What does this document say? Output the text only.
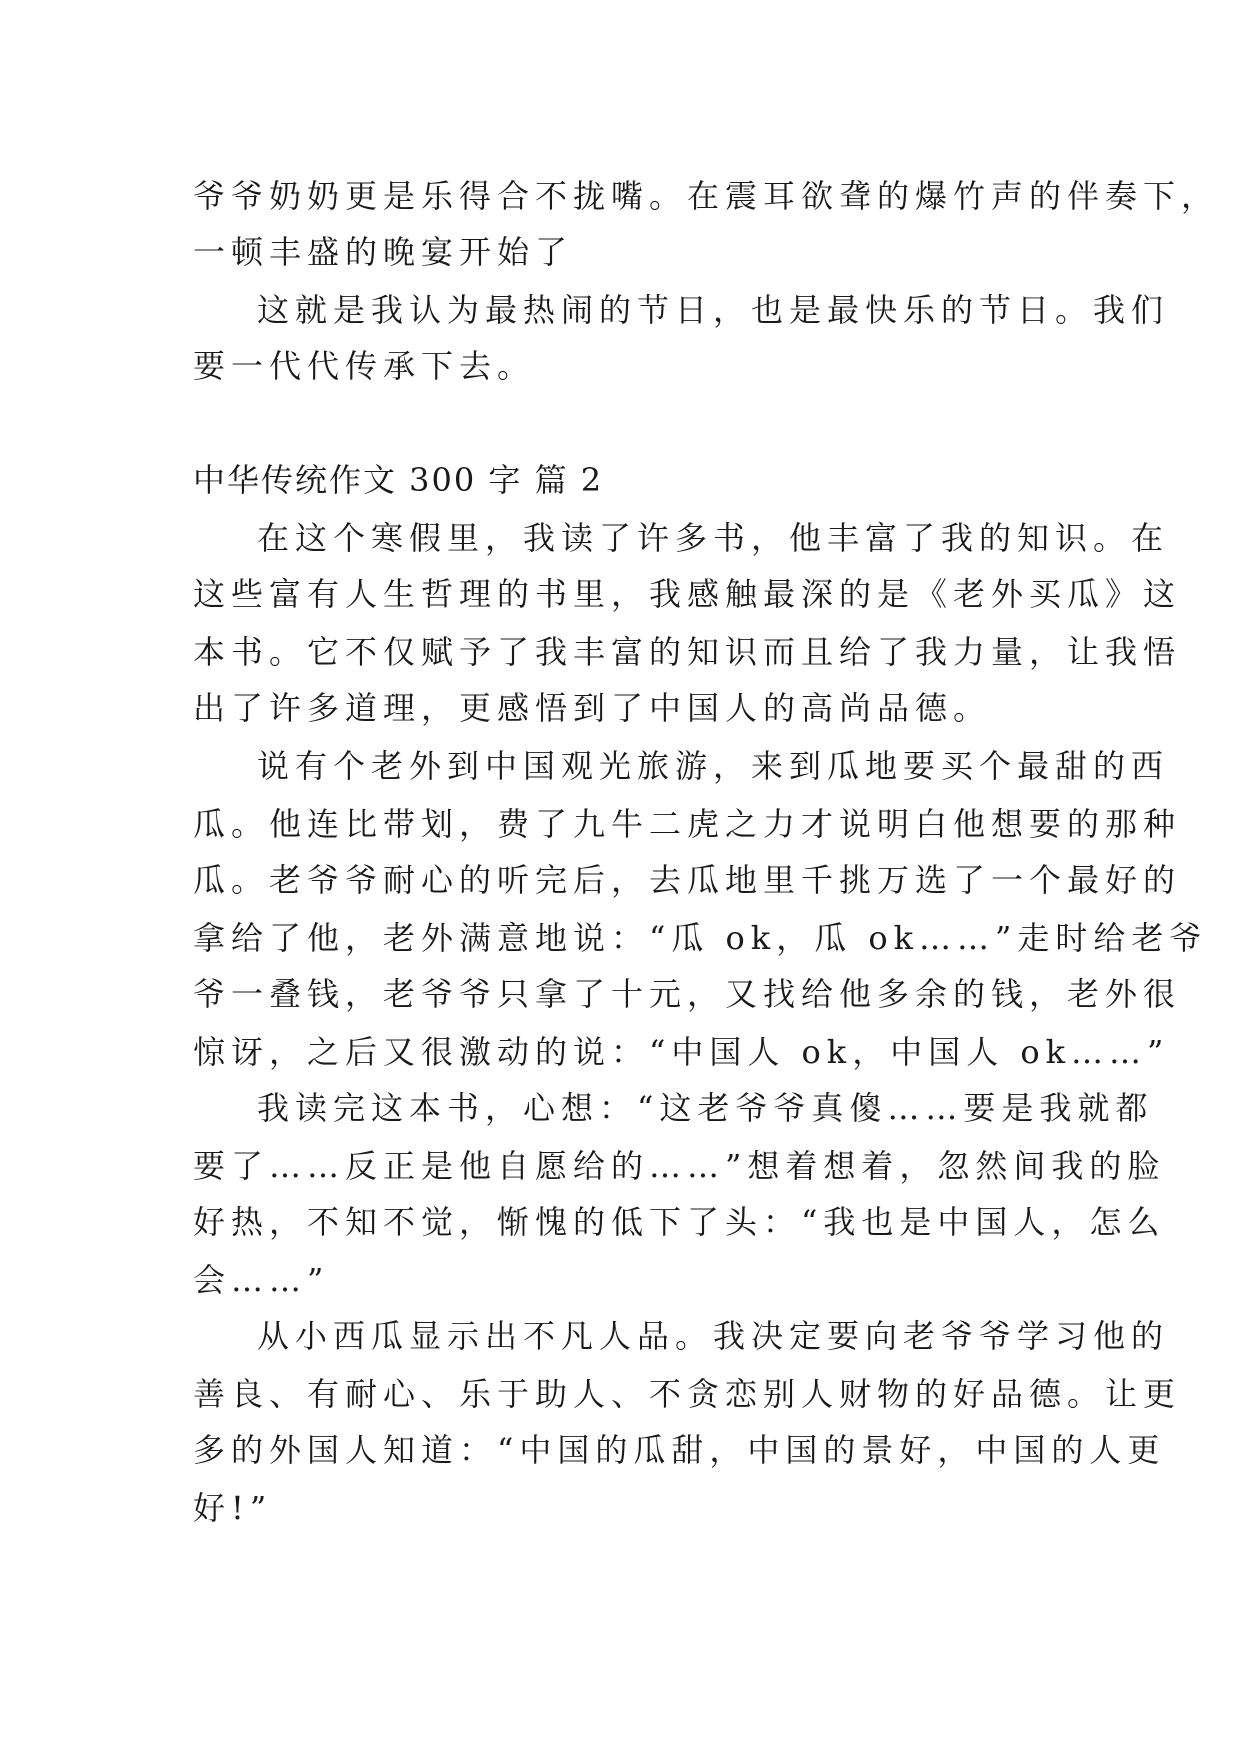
爷爷奶奶更是乐得合不拢嘴。在震耳欲聋的爆竹声的伴奏下，
一顿丰盛的晚宴开始了
这就是我认为最热闹的节日，也是最快乐的节日。我们
要一代代传承下去。
中华传统作文 300 字 篇 2
在这个寒假里，我读了许多书，他丰富了我的知识。在
这些富有人生哲理的书里，我感触最深的是《老外买瓜》这
本书。它不仅赋予了我丰富的知识而且给了我力量，让我悟
出了许多道理，更感悟到了中国人的高尚品德。
说有个老外到中国观光旅游，来到瓜地要买个最甜的西
瓜。他连比带划，费了九牛二虎之力才说明白他想要的那种
瓜。老爷爷耐心的听完后，去瓜地里千挑万选了一个最好的
拿给了他，老外满意地说：“瓜 ok，瓜 ok……”走时给老爷
爷一叠钱，老爷爷只拿了十元，又找给他多余的钱，老外很
惊讶，之后又很激动的说：“中国人 ok，中国人 ok……”
我读完这本书，心想：“这老爷爷真傻……要是我就都
要了……反正是他自愿给的……”想着想着，忽然间我的脸
好热，不知不觉，惭愧的低下了头：“我也是中国人，怎么
会……”
从小西瓜显示出不凡人品。我决定要向老爷爷学习他的
善良、有耐心、乐于助人、不贪恋别人财物的好品德。让更
多的外国人知道：“中国的瓜甜，中国的景好，中国的人更
好!”
